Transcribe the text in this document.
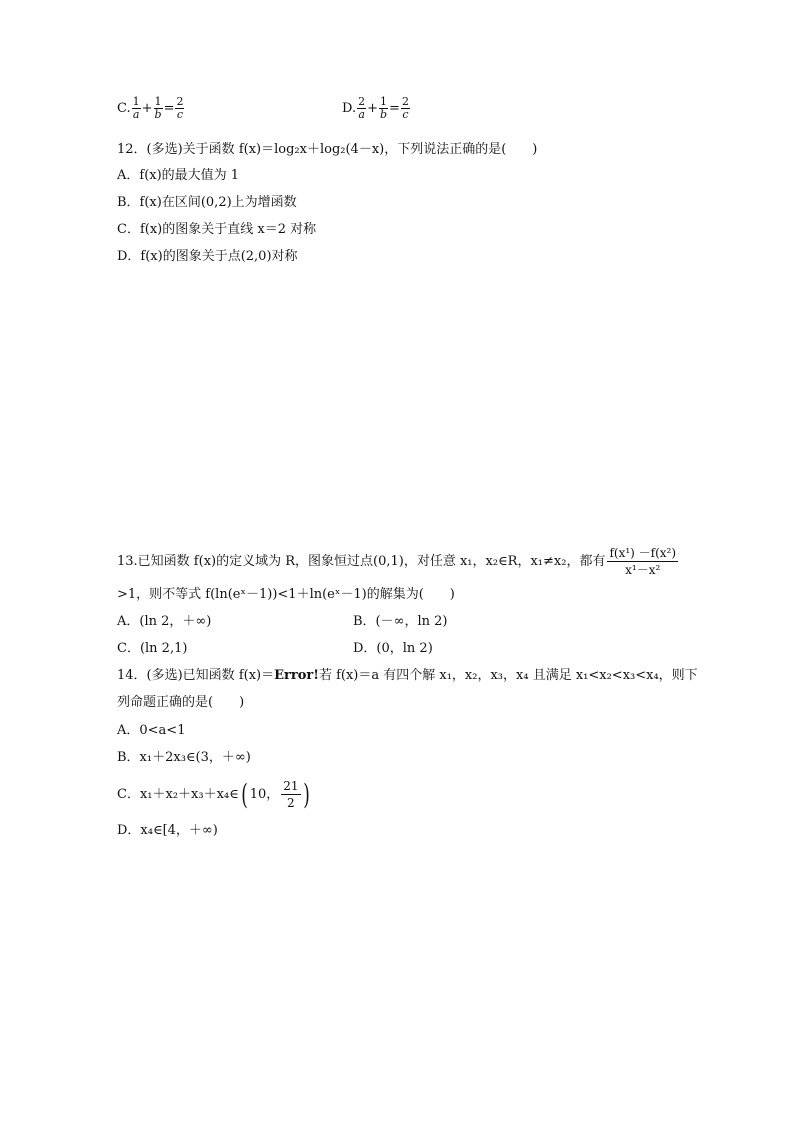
C. $\frac{1}{a} + \frac{1}{b} = \frac{2}{c}$	D. $\frac{2}{a} + \frac{1}{b} = \frac{2}{c}$
12．(多选)关于函数 f(x)＝log₂x＋log₂(4－x)，下列说法正确的是(　　)
A．f(x)的最大值为 1
B．f(x)在区间(0,2)上为增函数
C．f(x)的图象关于直线 x＝2 对称
D．f(x)的图象关于点(2,0)对称
13.已知函数 f(x)的定义域为 R，图象恒过点(0,1)，对任意 x₁，x₂∈R，x₁≠x₂，都有 $\frac{\text{f(x¹) －f(x²)}}{\text{x¹－x²}}$
>1，则不等式 f(ln(eˣ－1))<1＋ln(eˣ－1)的解集为(　　)
A．(ln 2，＋∞)	B．(－∞，ln 2)
C．(ln 2,1)	D．(0，ln 2)
14．(多选)已知函数 f(x)＝Error!若 f(x)＝a 有四个解 x₁，x₂，x₃，x₄ 且满足 x₁<x₂<x₃<x₄，则下
列命题正确的是(　　)
A．0<a<1
B．x₁＋2x₃∈(3，＋∞)
C．x₁＋x₂＋x₃＋x₄∈( 10， $\frac{21}{2}$ )
D．x₄∈[4，＋∞)
